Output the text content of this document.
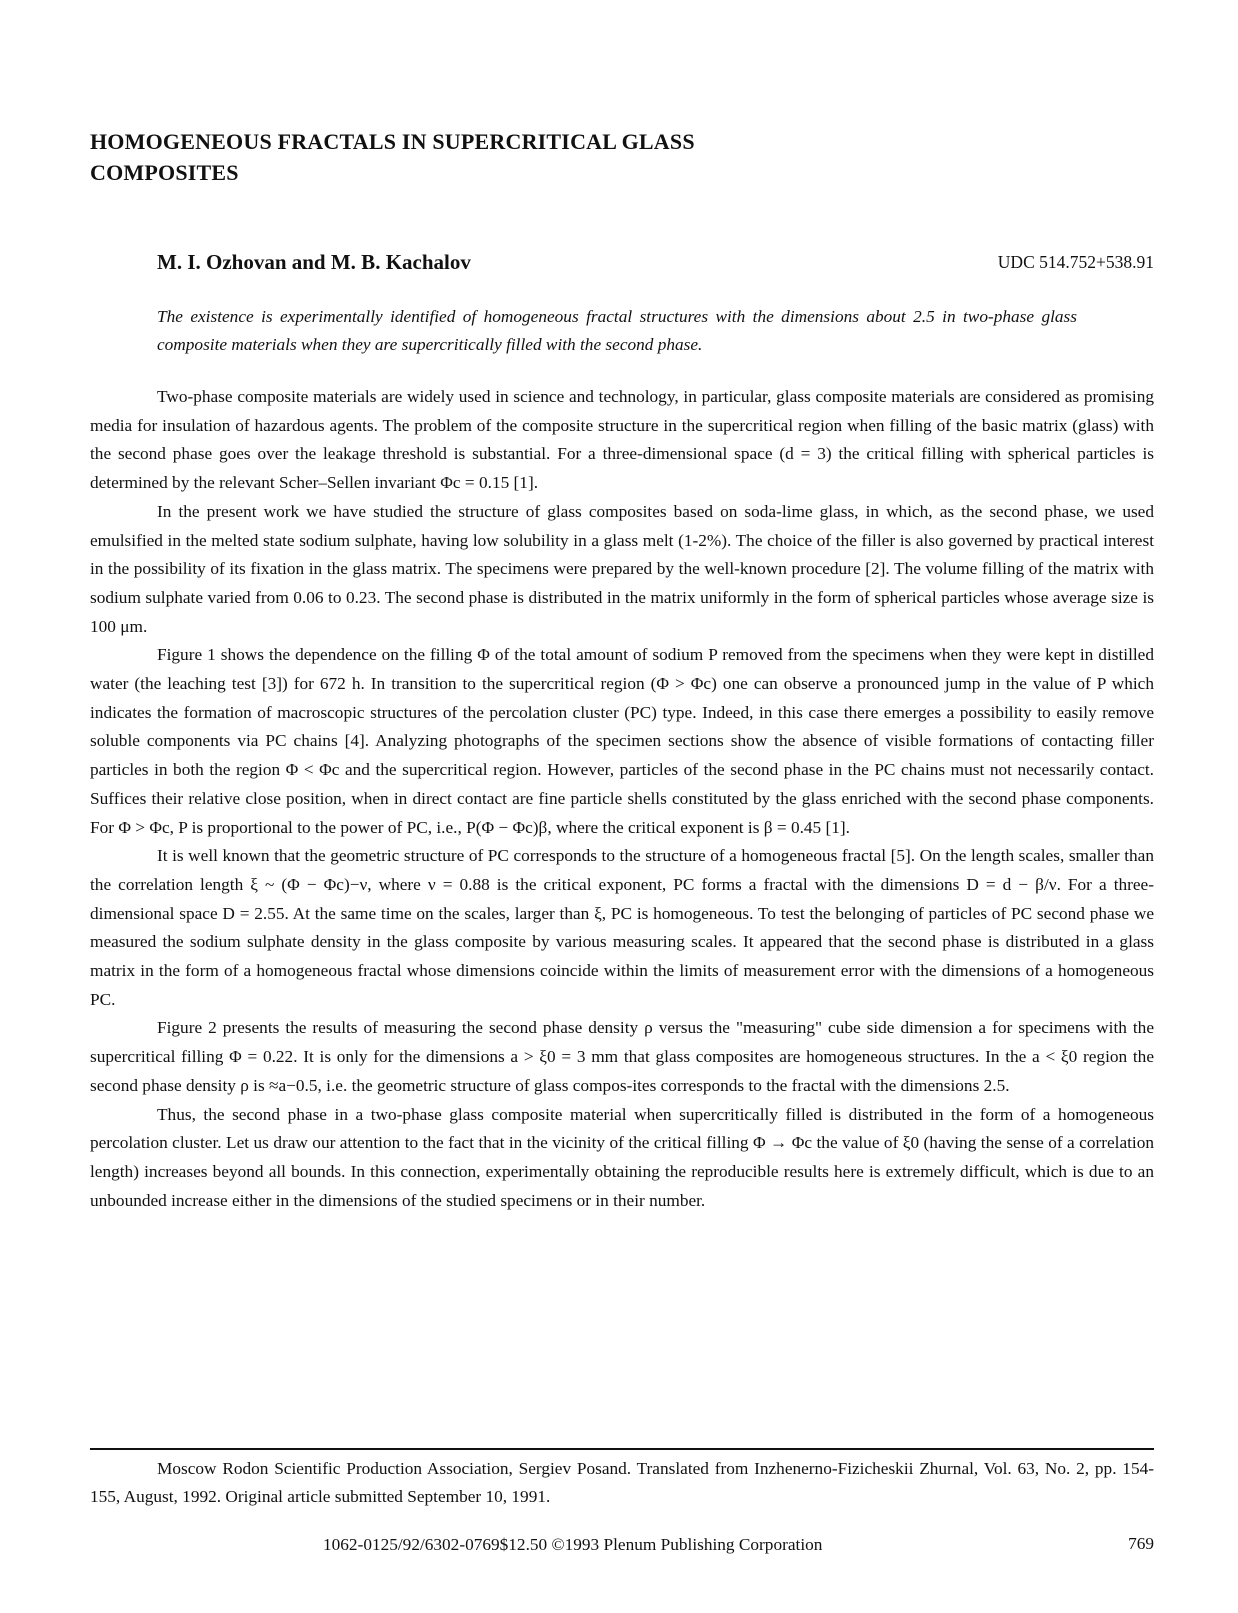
HOMOGENEOUS FRACTALS IN SUPERCRITICAL GLASS
COMPOSITES
M. I. Ozhovan and M. B. Kachalov	UDC 514.752+538.91
The existence is experimentally identified of homogeneous fractal structures with the dimensions about 2.5 in two-phase glass composite materials when they are supercritically filled with the second phase.

Two-phase composite materials are widely used in science and technology, in particular, glass composite materials are considered as promising media for insulation of hazardous agents. The problem of the composite structure in the supercritical region when filling of the basic matrix (glass) with the second phase goes over the leakage threshold is substantial. For a three-dimensional space (d = 3) the critical filling with spherical particles is determined by the relevant Scher–Sellen invariant Φc = 0.15 [1].

In the present work we have studied the structure of glass composites based on soda-lime glass, in which, as the second phase, we used emulsified in the melted state sodium sulphate, having low solubility in a glass melt (1-2%). The choice of the filler is also governed by practical interest in the possibility of its fixation in the glass matrix. The specimens were prepared by the well-known procedure [2]. The volume filling of the matrix with sodium sulphate varied from 0.06 to 0.23. The second phase is distributed in the matrix uniformly in the form of spherical particles whose average size is 100 μm.

Figure 1 shows the dependence on the filling Φ of the total amount of sodium P removed from the specimens when they were kept in distilled water (the leaching test [3]) for 672 h. In transition to the supercritical region (Φ > Φc) one can observe a pronounced jump in the value of P which indicates the formation of macroscopic structures of the percolation cluster (PC) type. Indeed, in this case there emerges a possibility to easily remove soluble components via PC chains [4]. Analyzing photographs of the specimen sections show the absence of visible formations of contacting filler particles in both the region Φ < Φc and the supercritical region. However, particles of the second phase in the PC chains must not necessarily contact. Suffices their relative close position, when in direct contact are fine particle shells constituted by the glass enriched with the second phase components. For Φ > Φc, P is proportional to the power of PC, i.e., P(Φ − Φc)β, where the critical exponent is β = 0.45 [1].

It is well known that the geometric structure of PC corresponds to the structure of a homogeneous fractal [5]. On the length scales, smaller than the correlation length ξ ~ (Φ − Φc)−ν, where ν = 0.88 is the critical exponent, PC forms a fractal with the dimensions D = d − β/ν. For a three-dimensional space D = 2.55. At the same time on the scales, larger than ξ, PC is homogeneous. To test the belonging of particles of PC second phase we measured the sodium sulphate density in the glass composite by various measuring scales. It appeared that the second phase is distributed in a glass matrix in the form of a homogeneous fractal whose dimensions coincide within the limits of measurement error with the dimensions of a homogeneous PC.

Figure 2 presents the results of measuring the second phase density ρ versus the "measuring" cube side dimension a for specimens with the supercritical filling Φ = 0.22. It is only for the dimensions a > ξ0 = 3 mm that glass composites are homogeneous structures. In the a < ξ0 region the second phase density ρ is ≈a−0.5, i.e. the geometric structure of glass compos-ites corresponds to the fractal with the dimensions 2.5.

Thus, the second phase in a two-phase glass composite material when supercritically filled is distributed in the form of a homogeneous percolation cluster. Let us draw our attention to the fact that in the vicinity of the critical filling Φ → Φc the value of ξ0 (having the sense of a correlation length) increases beyond all bounds. In this connection, experimentally obtaining the reproducible results here is extremely difficult, which is due to an unbounded increase either in the dimensions of the studied specimens or in their number.

Moscow Rodon Scientific Production Association, Sergiev Posand. Translated from Inzhenerno-Fizicheskii Zhurnal, Vol. 63, No. 2, pp. 154-155, August, 1992. Original article submitted September 10, 1991.
1062-0125/92/6302-0769$12.50 ©1993 Plenum Publishing Corporation	769
